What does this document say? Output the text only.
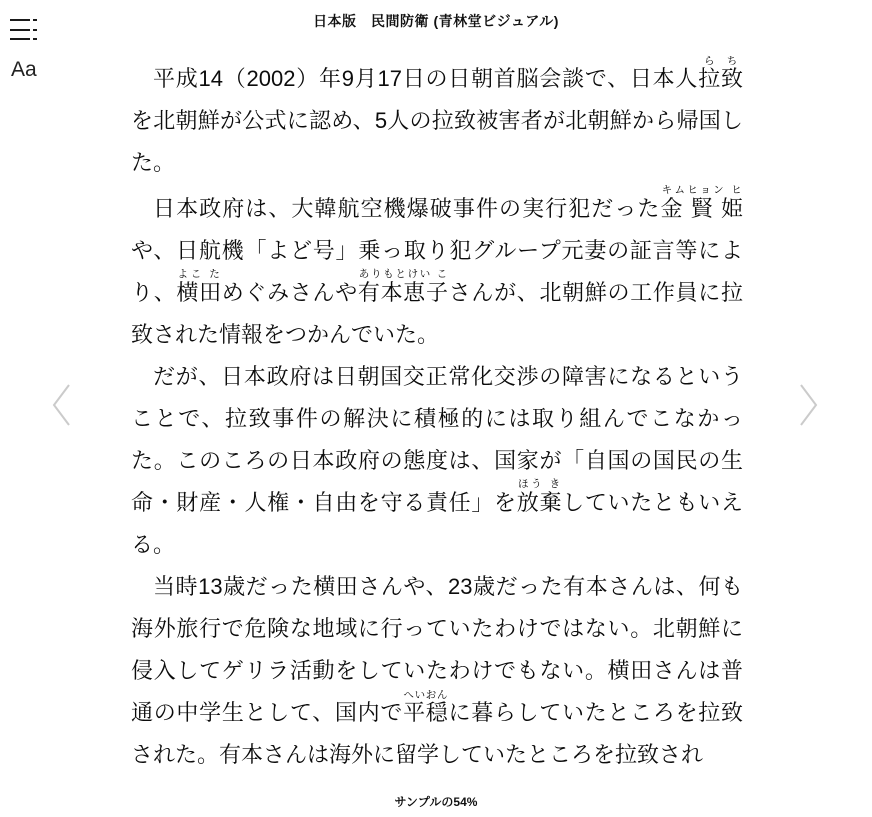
Aa
日本版　民間防衛 (青林堂ビジュアル)

平成14（2002）年9月17日の日朝首脳会談で、日本人拉ら致ちを北朝鮮が公式に認め、5人の拉致被害者が北朝鮮から帰国した。

日本政府は、大韓航空機爆破事件の実行犯だった金 賢 姫キムヒョン ヒや、日航機「よど号」乗っ取り犯グループ元妻の証言等により、横田よこ ためぐみさんや有本恵子ありもとけい こさんが、北朝鮮の工作員に拉致された情報をつかんでいた。

だが、日本政府は日朝国交正常化交渉の障害になるということで、拉致事件の解決に積極的には取り組んでこなかった。このころの日本政府の態度は、国家が「自国の国民の生命・財産・人権・自由を守る責任」を放棄ほう きしていたともいえる。

当時13歳だった横田さんや、23歳だった有本さんは、何も海外旅行で危険な地域に行っていたわけではない。北朝鮮に侵入してゲリラ活動をしていたわけでもない。横田さんは普通の中学生として、国内で平穏へいおんに暮らしていたところを拉致された。有本さんは海外に留学していたところを拉致され

サンプルの54%
